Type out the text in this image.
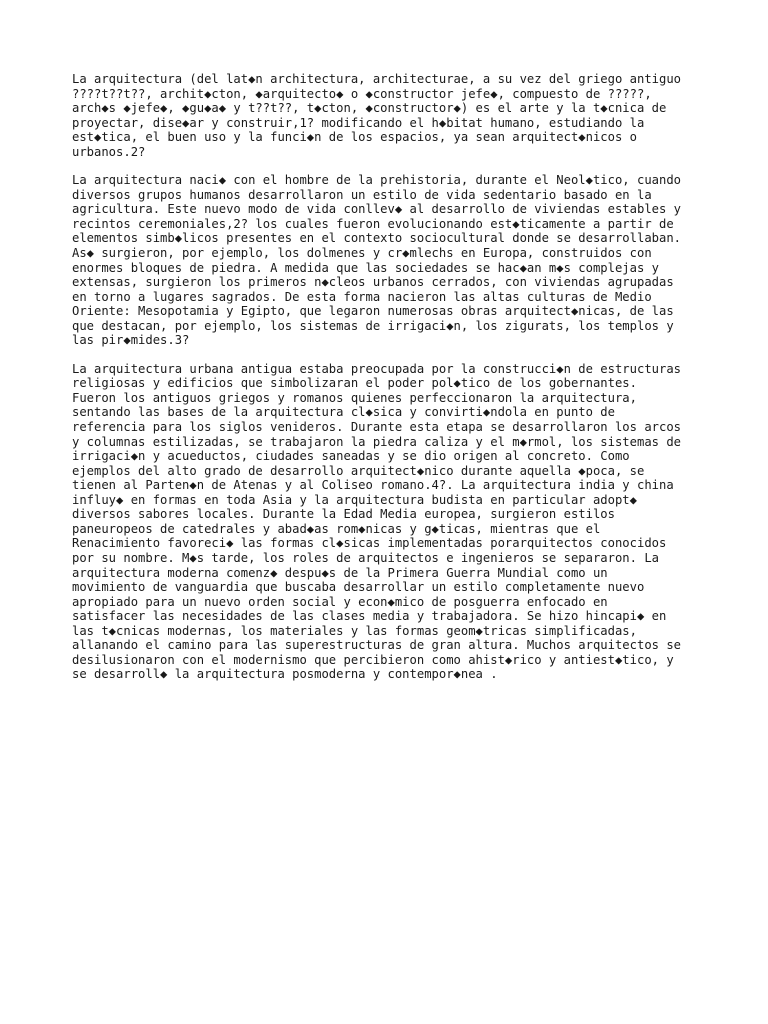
La arquitectura (del lat◆n architectura, architecturae, a su vez del griego antiguo
????t??t??, archit◆cton, ◆arquitecto◆ o ◆constructor jefe◆, compuesto de ?????,
arch◆s ◆jefe◆, ◆gu◆a◆ y t??t??, t◆cton, ◆constructor◆) es el arte y la t◆cnica de
proyectar, dise◆ar y construir,1? modificando el h◆bitat humano, estudiando la
est◆tica, el buen uso y la funci◆n de los espacios, ya sean arquitect◆nicos o
urbanos.2?

La arquitectura naci◆ con el hombre de la prehistoria, durante el Neol◆tico, cuando
diversos grupos humanos desarrollaron un estilo de vida sedentario basado en la
agricultura. Este nuevo modo de vida conllev◆ al desarrollo de viviendas estables y
recintos ceremoniales,2? los cuales fueron evolucionando est◆ticamente a partir de
elementos simb◆licos presentes en el contexto sociocultural donde se desarrollaban.
As◆ surgieron, por ejemplo, los dolmenes y cr◆mlechs en Europa, construidos con
enormes bloques de piedra. A medida que las sociedades se hac◆an m◆s complejas y
extensas, surgieron los primeros n◆cleos urbanos cerrados, con viviendas agrupadas
en torno a lugares sagrados. De esta forma nacieron las altas culturas de Medio
Oriente: Mesopotamia y Egipto, que legaron numerosas obras arquitect◆nicas, de las
que destacan, por ejemplo, los sistemas de irrigaci◆n, los zigurats, los templos y
las pir◆mides.3?

La arquitectura urbana antigua estaba preocupada por la construcci◆n de estructuras
religiosas y edificios que simbolizaran el poder pol◆tico de los gobernantes.
Fueron los antiguos griegos y romanos quienes perfeccionaron la arquitectura,
sentando las bases de la arquitectura cl◆sica y convirti◆ndola en punto de
referencia para los siglos venideros. Durante esta etapa se desarrollaron los arcos
y columnas estilizadas, se trabajaron la piedra caliza y el m◆rmol, los sistemas de
irrigaci◆n y acueductos, ciudades saneadas y se dio origen al concreto. Como
ejemplos del alto grado de desarrollo arquitect◆nico durante aquella ◆poca, se
tienen al Parten◆n de Atenas y al Coliseo romano.4?. La arquitectura india y china
influy◆ en formas en toda Asia y la arquitectura budista en particular adopt◆
diversos sabores locales. Durante la Edad Media europea, surgieron estilos
paneuropeos de catedrales y abad◆as rom◆nicas y g◆ticas, mientras que el
Renacimiento favoreci◆ las formas cl◆sicas implementadas porarquitectos conocidos
por su nombre. M◆s tarde, los roles de arquitectos e ingenieros se separaron. La
arquitectura moderna comenz◆ despu◆s de la Primera Guerra Mundial como un
movimiento de vanguardia que buscaba desarrollar un estilo completamente nuevo
apropiado para un nuevo orden social y econ◆mico de posguerra enfocado en
satisfacer las necesidades de las clases media y trabajadora. Se hizo hincapi◆ en
las t◆cnicas modernas, los materiales y las formas geom◆tricas simplificadas,
allanando el camino para las superestructuras de gran altura. Muchos arquitectos se
desilusionaron con el modernismo que percibieron como ahist◆rico y antiest◆tico, y
se desarroll◆ la arquitectura posmoderna y contempor◆nea .
